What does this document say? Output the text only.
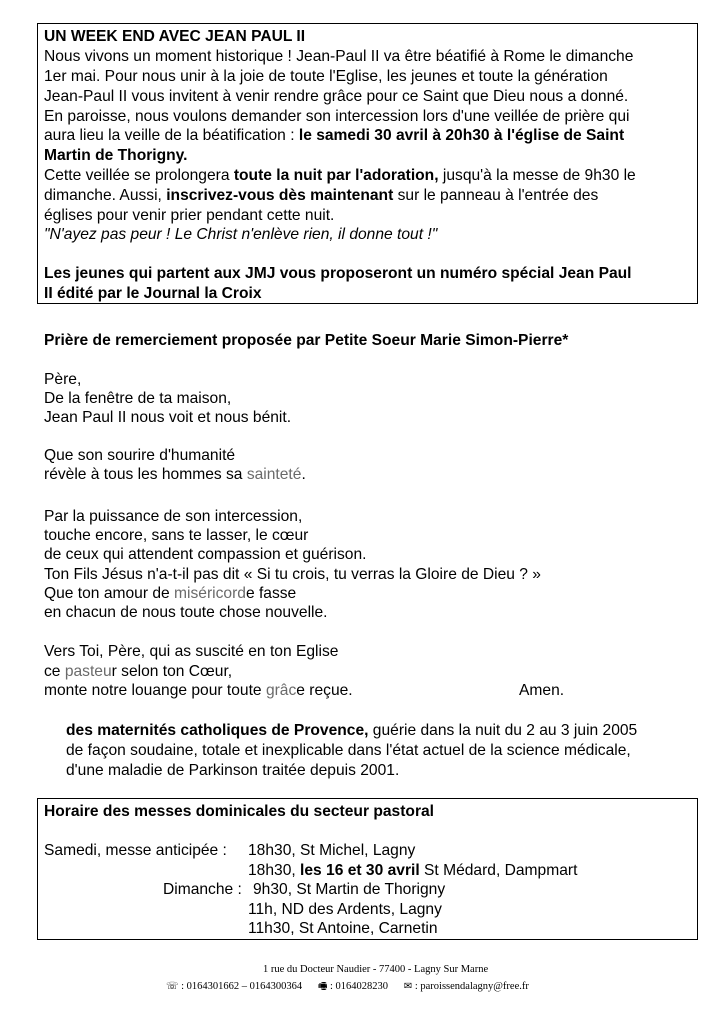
UN WEEK END AVEC JEAN PAUL II
Nous vivons un moment historique ! Jean-Paul II va être béatifié à Rome le dimanche
1er mai. Pour nous unir à la joie de toute l'Eglise, les jeunes et toute la génération
Jean-Paul II vous invitent à venir rendre grâce pour ce Saint que Dieu nous a donné.
En paroisse, nous voulons demander son intercession lors d'une veillée de prière qui
aura lieu la veille de la béatification : le samedi 30 avril à 20h30 à l'église de Saint
Martin de Thorigny.
Cette veillée se prolongera toute la nuit par l'adoration, jusqu'à la messe de 9h30 le
dimanche. Aussi, inscrivez-vous dès maintenant sur le panneau à l'entrée des
églises pour venir prier pendant cette nuit.
"N'ayez pas peur ! Le Christ n'enlève rien, il donne tout !"
Les jeunes qui partent aux JMJ vous proposeront un numéro spécial Jean Paul
II édité par le Journal la Croix
Prière de remerciement proposée par Petite Soeur Marie Simon-Pierre*
Père,
De la fenêtre de ta maison,
Jean Paul II nous voit et nous bénit.
Que son sourire d'humanité
révèle à tous les hommes sa sainteté.
Par la puissance de son intercession,
touche encore, sans te lasser, le cœur
de ceux qui attendent compassion et guérison.
Ton Fils Jésus n'a-t-il pas dit « Si tu crois, tu verras la Gloire de Dieu ? »
Que ton amour de miséricorde fasse
en chacun de nous toute chose nouvelle.
Vers Toi, Père, qui as suscité en ton Eglise
ce pasteur selon ton Cœur,
monte notre louange pour toute grâce reçue.	Amen.
des maternités catholiques de Provence, guérie dans la nuit du 2 au 3 juin 2005
de façon soudaine, totale et inexplicable dans l'état actuel de la science médicale,
d'une maladie de Parkinson traitée depuis 2001.
Horaire des messes dominicales du secteur pastoral
Samedi, messe anticipée : 18h30, St Michel, Lagny
18h30, les 16 et 30 avril St Médard, Dampmart
Dimanche : 9h30, St Martin de Thorigny
11h, ND des Ardents, Lagny
11h30, St Antoine, Carnetin
1 rue du Docteur Naudier - 77400 - Lagny Sur Marne
☏ : 0164301662 – 0164300364 🖷 : 0164028230 ✉ : paroissendalagny@free.fr
